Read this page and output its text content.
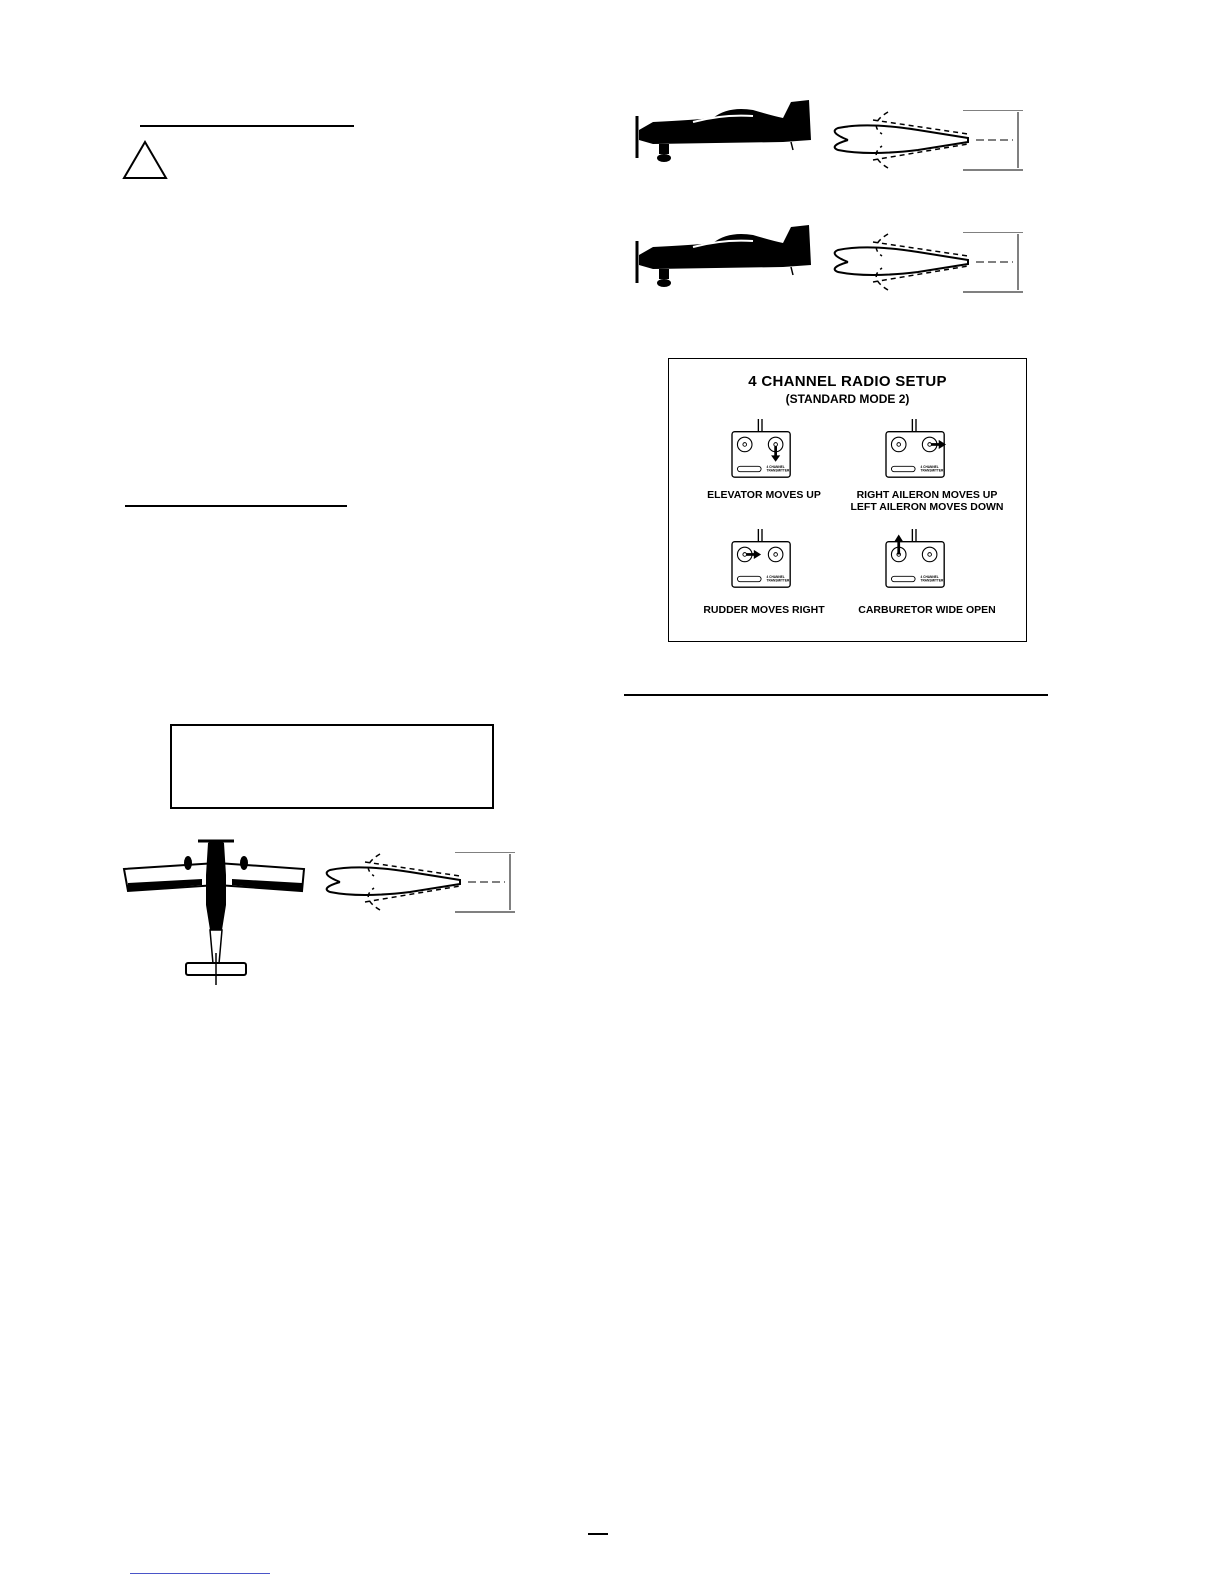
4 CHANNEL RADIO SETUP
(STANDARD MODE 2)
4 CHANNEL
TRANSMITTER
ELEVATOR MOVES UP
4 CHANNEL
TRANSMITTER
RIGHT AILERON MOVES UP
LEFT AILERON MOVES DOWN
4 CHANNEL
TRANSMITTER
RUDDER MOVES RIGHT
4 CHANNEL
TRANSMITTER
CARBURETOR WIDE OPEN
